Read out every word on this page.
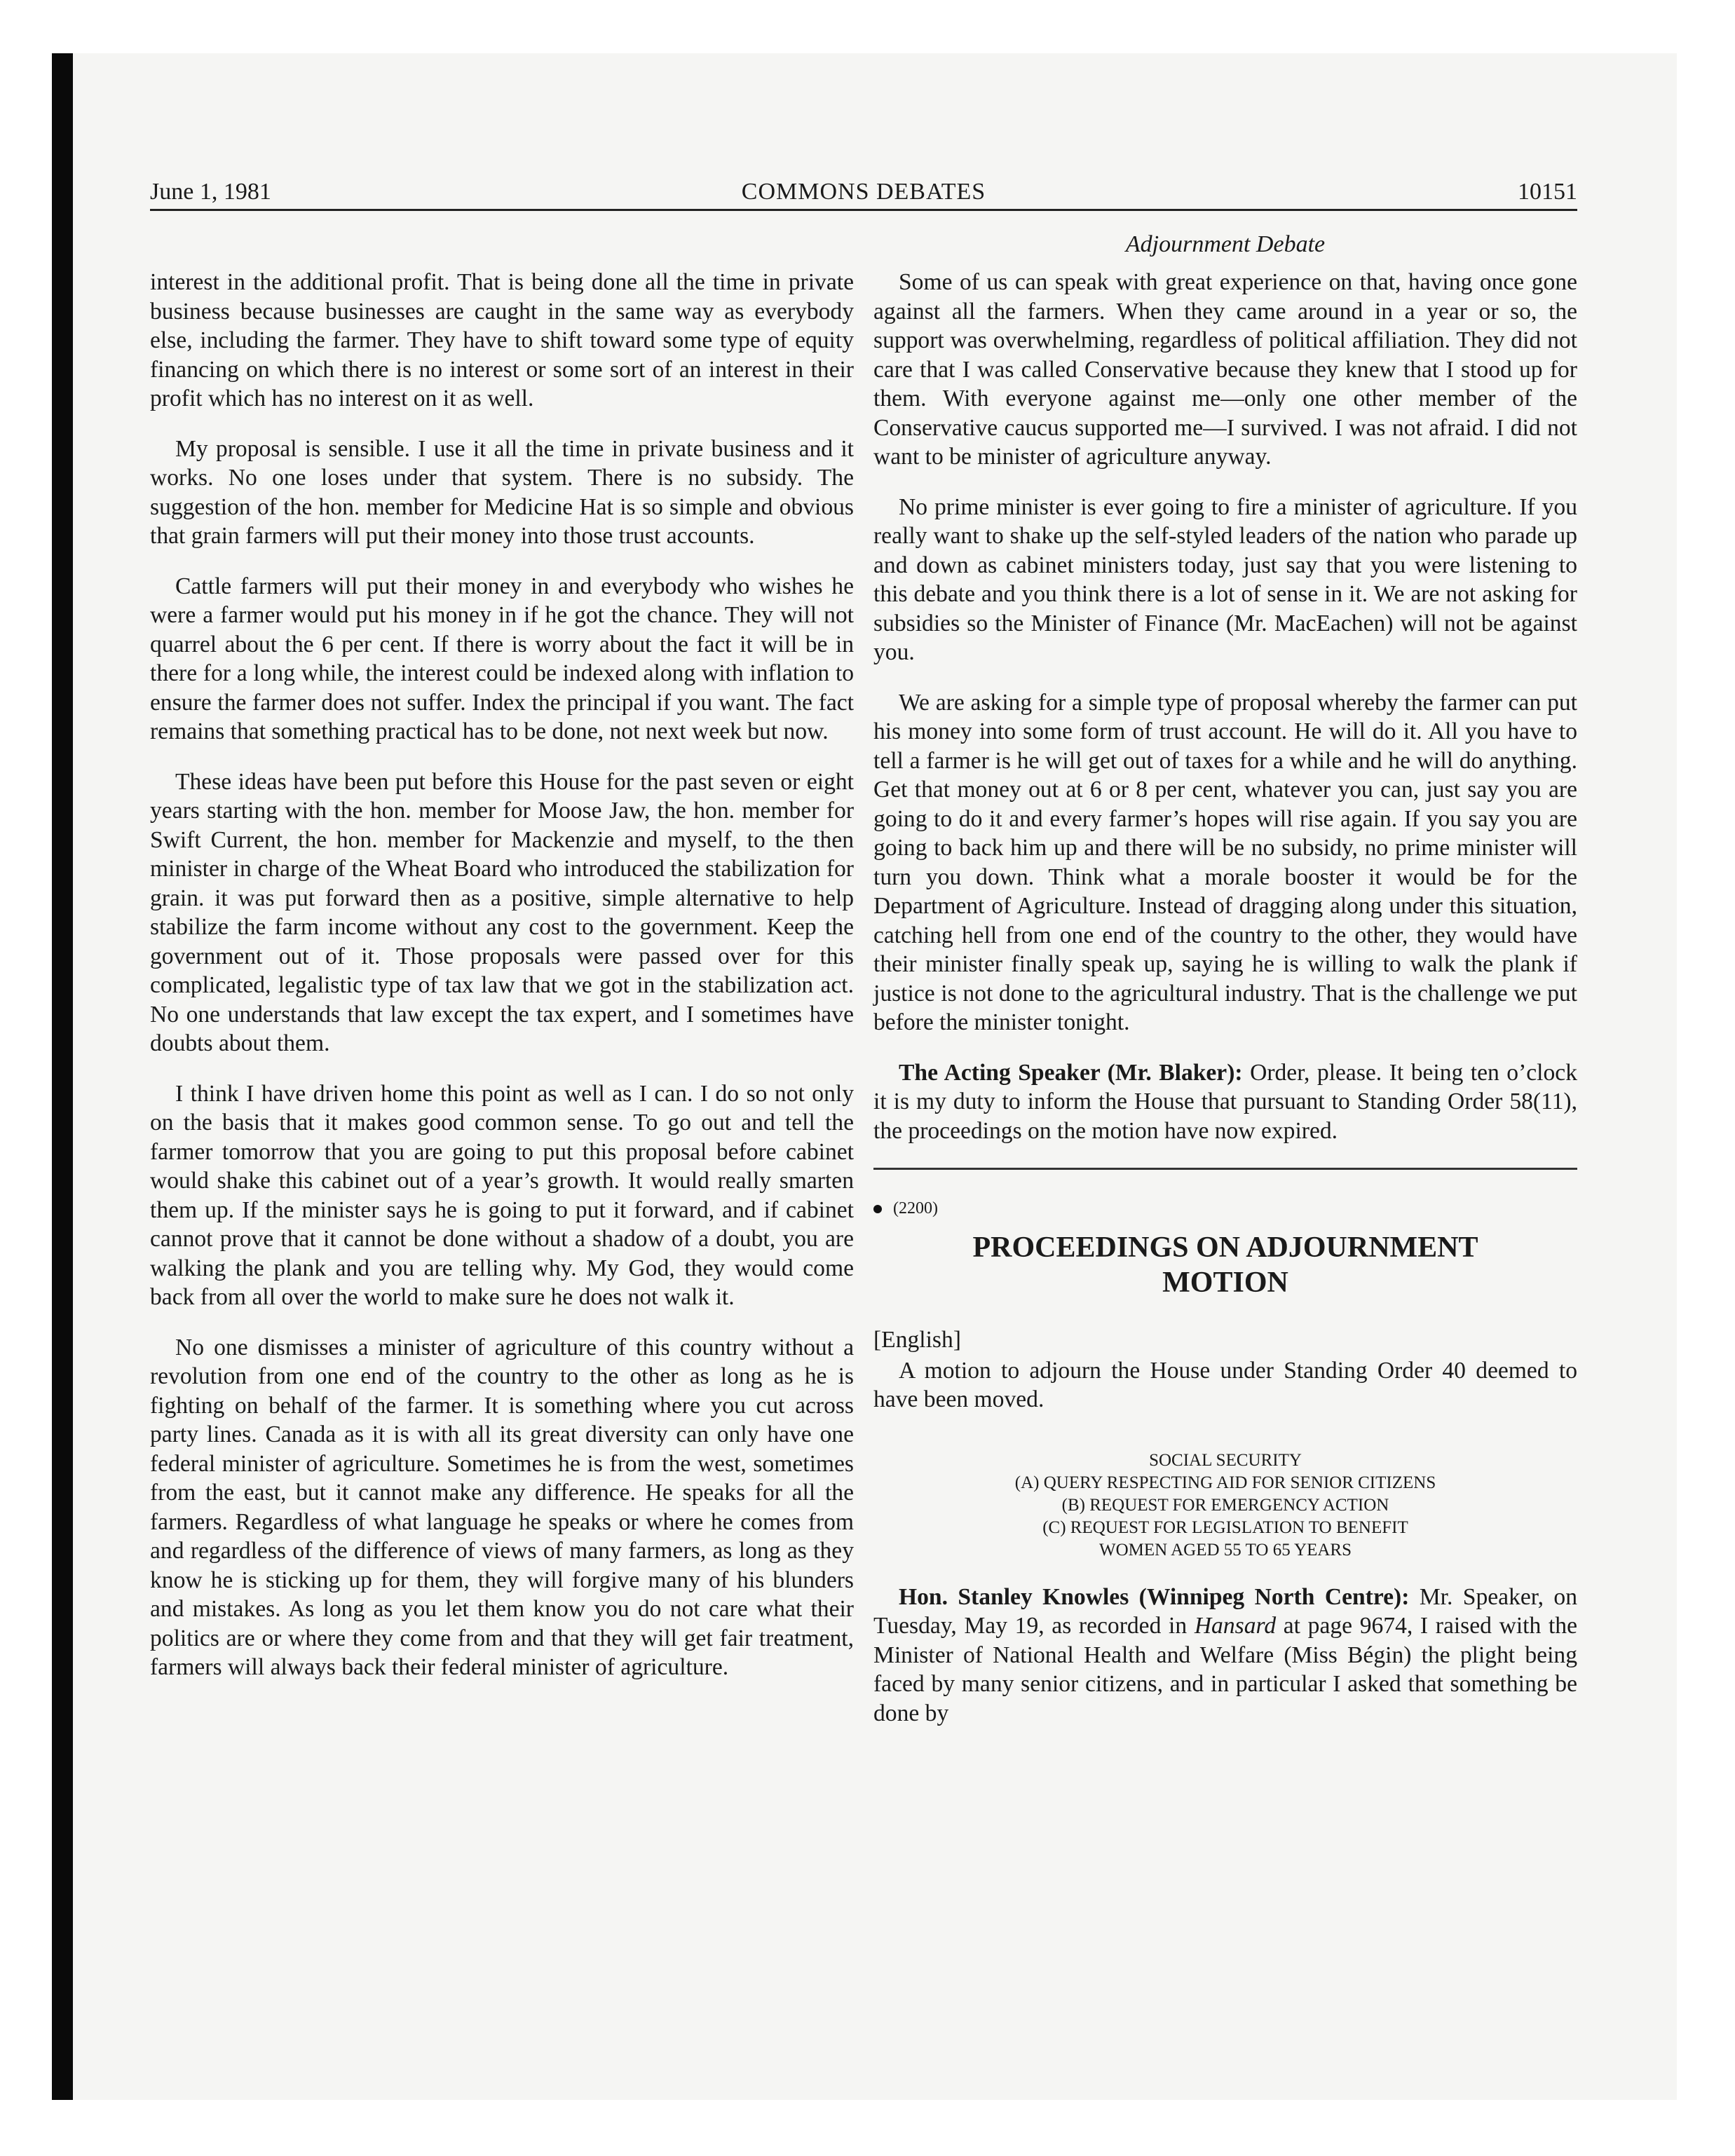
COMMONS DEBATES
June 1, 1981	10151

interest in the additional profit. That is being done all the time in private business because businesses are caught in the same way as everybody else, including the farmer. They have to shift toward some type of equity financing on which there is no interest or some sort of an interest in their profit which has no interest on it as well.

My proposal is sensible. I use it all the time in private business and it works. No one loses under that system. There is no subsidy. The suggestion of the hon. member for Medicine Hat is so simple and obvious that grain farmers will put their money into those trust accounts.

Cattle farmers will put their money in and everybody who wishes he were a farmer would put his money in if he got the chance. They will not quarrel about the 6 per cent. If there is worry about the fact it will be in there for a long while, the interest could be indexed along with inflation to ensure the farmer does not suffer. Index the principal if you want. The fact remains that something practical has to be done, not next week but now.

These ideas have been put before this House for the past seven or eight years starting with the hon. member for Moose Jaw, the hon. member for Swift Current, the hon. member for Mackenzie and myself, to the then minister in charge of the Wheat Board who introduced the stabilization for grain. it was put forward then as a positive, simple alternative to help stabilize the farm income without any cost to the government. Keep the government out of it. Those proposals were passed over for this complicated, legalistic type of tax law that we got in the stabilization act. No one understands that law except the tax expert, and I sometimes have doubts about them.

I think I have driven home this point as well as I can. I do so not only on the basis that it makes good common sense. To go out and tell the farmer tomorrow that you are going to put this proposal before cabinet would shake this cabinet out of a year’s growth. It would really smarten them up. If the minister says he is going to put it forward, and if cabinet cannot prove that it cannot be done without a shadow of a doubt, you are walking the plank and you are telling why. My God, they would come back from all over the world to make sure he does not walk it.

No one dismisses a minister of agriculture of this country without a revolution from one end of the country to the other as long as he is fighting on behalf of the farmer. It is something where you cut across party lines. Canada as it is with all its great diversity can only have one federal minister of agriculture. Sometimes he is from the west, sometimes from the east, but it cannot make any difference. He speaks for all the farmers. Regardless of what language he speaks or where he comes from and regardless of the difference of views of many farmers, as long as they know he is sticking up for them, they will forgive many of his blunders and mistakes. As long as you let them know you do not care what their politics are or where they come from and that they will get fair treatment, farmers will always back their federal minister of agriculture.

Adjournment Debate

Some of us can speak with great experience on that, having once gone against all the farmers. When they came around in a year or so, the support was overwhelming, regardless of political affiliation. They did not care that I was called Conservative because they knew that I stood up for them. With everyone against me—only one other member of the Conservative caucus supported me—I survived. I was not afraid. I did not want to be minister of agriculture anyway.

No prime minister is ever going to fire a minister of agriculture. If you really want to shake up the self-styled leaders of the nation who parade up and down as cabinet ministers today, just say that you were listening to this debate and you think there is a lot of sense in it. We are not asking for subsidies so the Minister of Finance (Mr. MacEachen) will not be against you.

We are asking for a simple type of proposal whereby the farmer can put his money into some form of trust account. He will do it. All you have to tell a farmer is he will get out of taxes for a while and he will do anything. Get that money out at 6 or 8 per cent, whatever you can, just say you are going to do it and every farmer’s hopes will rise again. If you say you are going to back him up and there will be no subsidy, no prime minister will turn you down. Think what a morale booster it would be for the Department of Agriculture. Instead of dragging along under this situation, catching hell from one end of the country to the other, they would have their minister finally speak up, saying he is willing to walk the plank if justice is not done to the agricultural industry. That is the challenge we put before the minister tonight.

The Acting Speaker (Mr. Blaker): Order, please. It being ten o’clock it is my duty to inform the House that pursuant to Standing Order 58(11), the proceedings on the motion have now expired.

(2200)
PROCEEDINGS ON ADJOURNMENT MOTION
[English]

A motion to adjourn the House under Standing Order 40 deemed to have been moved.

SOCIAL SECURITY
(A) QUERY RESPECTING AID FOR SENIOR CITIZENS
(B) REQUEST FOR EMERGENCY ACTION
(C) REQUEST FOR LEGISLATION TO BENEFIT
WOMEN AGED 55 TO 65 YEARS

Hon. Stanley Knowles (Winnipeg North Centre): Mr. Speaker, on Tuesday, May 19, as recorded in Hansard at page 9674, I raised with the Minister of National Health and Welfare (Miss Bégin) the plight being faced by many senior citizens, and in particular I asked that something be done by
